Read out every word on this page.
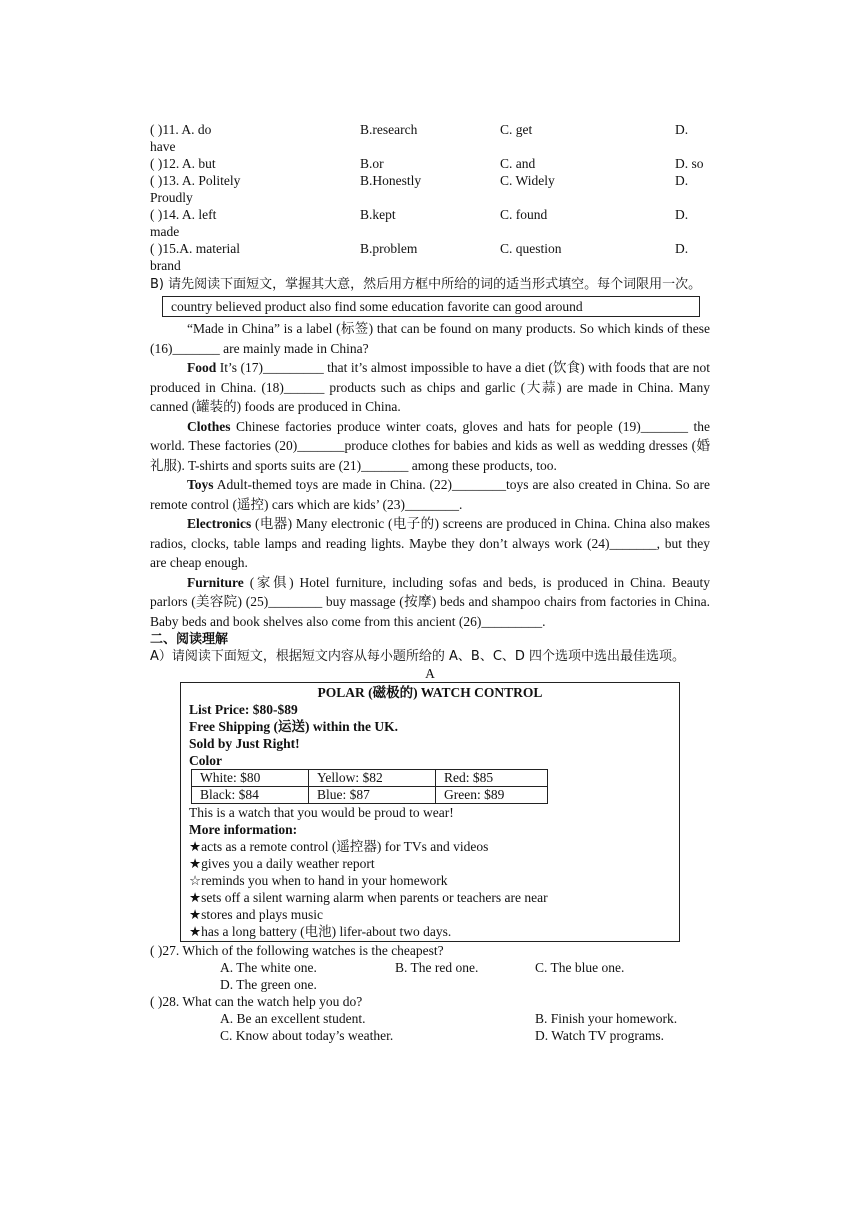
( )11. A. do	B.research	C. get	D.
have
( )12. A. but	B.or	C. and	D. so
( )13. A. Politely	B.Honestly	C. Widely	D.
Proudly
( )14. A. left	B.kept	C. found	D.
made
( )15.A. material	B.problem	C. question	D.
brand
B) 请先阅读下面短文，掌握其大意，然后用方框中所给的词的适当形式填空。每个词限用一次。
country believed product also find some education favorite can good around
“Made in China” is a label (标签) that can be found on many products. So which kinds of these (16)_______ are mainly made in China?
Food It’s (17)_________ that it’s almost impossible to have a diet (饮食) with foods that are not produced in China. (18)______ products such as chips and garlic (大蒜) are made in China. Many canned (罐装的) foods are produced in China.
Clothes Chinese factories produce winter coats, gloves and hats for people (19)_______ the world. These factories (20)_______produce clothes for babies and kids as well as wedding dresses (婚礼服). T-shirts and sports suits are (21)_______ among these products, too.
Toys Adult-themed toys are made in China. (22)________toys are also created in China. So are remote control (遥控) cars which are kids’ (23)________.
Electronics (电器) Many electronic (电子的) screens are produced in China. China also makes radios, clocks, table lamps and reading lights. Maybe they don’t always work (24)_______, but they are cheap enough.
Furniture (家俱) Hotel furniture, including sofas and beds, is produced in China. Beauty parlors (美容院) (25)________ buy massage (按摩) beds and shampoo chairs from factories in China. Baby beds and book shelves also come from this ancient (26)_________.
二、阅读理解
A）请阅读下面短文，根据短文内容从每小题所给的 A、B、C、D 四个选项中选出最佳选项。
A
POLAR (磁极的) WATCH CONTROL
List Price: $80-$89
Free Shipping (运送) within the UK.
Sold by Just Right!
Color
White: $80	Yellow: $82	Red: $85
Black: $84	Blue: $87	Green: $89
This is a watch that you would be proud to wear!
More information:
★acts as a remote control (遥控器) for TVs and videos
★gives you a daily weather report
☆reminds you when to hand in your homework
★sets off a silent warning alarm when parents or teachers are near
★stores and plays music
★has a long battery (电池) lifer-about two days.
( )27. Which of the following watches is the cheapest?
A. The white one.	B. The red one.	C. The blue one.
D. The green one.
( )28. What can the watch help you do?
A. Be an excellent student.	B. Finish your homework.
C. Know about today’s weather.	D. Watch TV programs.
